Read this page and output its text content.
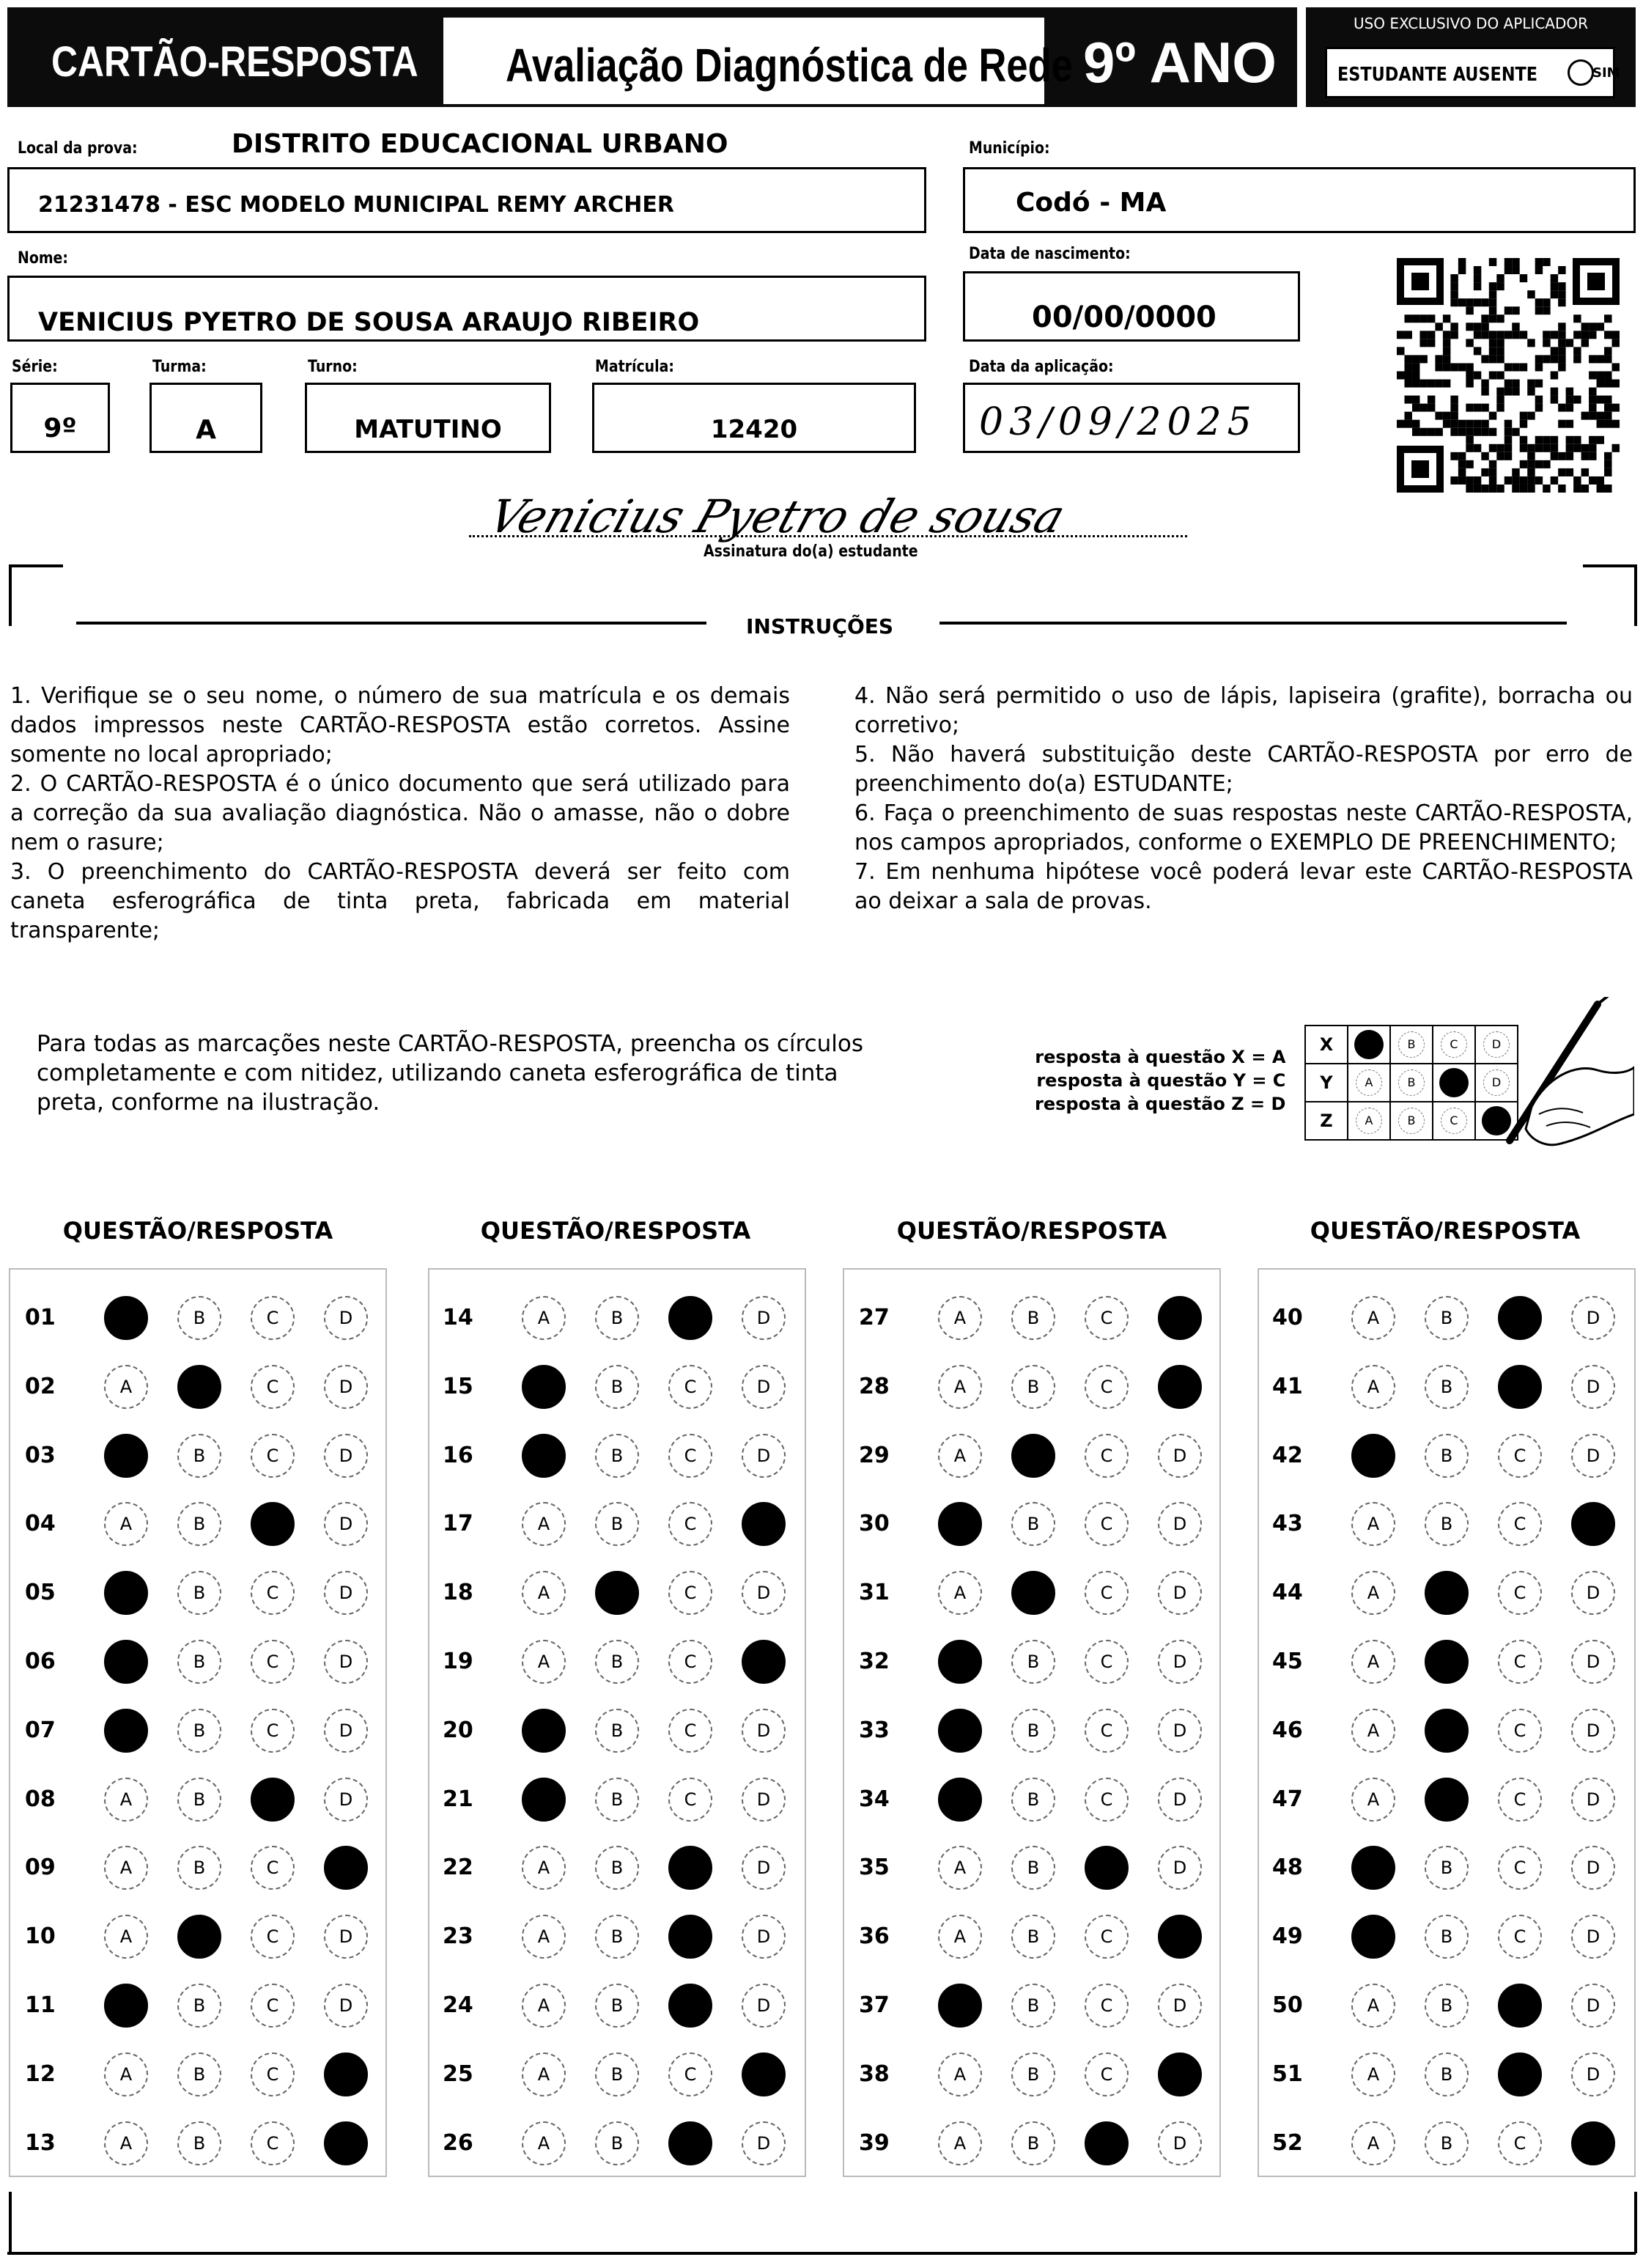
CARTÃO-RESPOSTA	Avaliação Diagnóstica de Rede 9º ANO
USO EXCLUSIVO DO APLICADOR
ESTUDANTE AUSENTE	SIM
Local da prova:	DISTRITO EDUCACIONAL URBANO
21231478 - ESC MODELO MUNICIPAL REMY ARCHER
Município:
Codó - MA
Nome:
VENICIUS PYETRO DE SOUSA ARAUJO RIBEIRO
Data de nascimento:
00/00/0000
Série:
9º
Turma:
A
Turno:
MATUTINO
Matrícula:
12420
Data da aplicação:
03/09/2025
Venicius Pyetro de sousa
Assinatura do(a) estudante
INSTRUÇÕES

1. Verifique se o seu nome, o número de sua matrícula e os demais dados impressos neste CARTÃO-RESPOSTA estão corretos. Assine somente no local apropriado;

2. O CARTÃO-RESPOSTA é o único documento que será utilizado para a correção da sua avaliação diagnóstica. Não o amasse, não o dobre nem o rasure;

3. O preenchimento do CARTÃO-RESPOSTA deverá ser feito com caneta esferográfica de tinta preta, fabricada em material transparente;

4. Não será permitido o uso de lápis, lapiseira (grafite), borracha ou corretivo;

5. Não haverá substituição deste CARTÃO-RESPOSTA por erro de preenchimento do(a) ESTUDANTE;

6. Faça o preenchimento de suas respostas neste CARTÃO-RESPOSTA, nos campos apropriados, conforme o EXEMPLO DE PREENCHIMENTO;

7. Em nenhuma hipótese você poderá levar este CARTÃO-RESPOSTA ao deixar a sala de provas.

Para todas as marcações neste CARTÃO-RESPOSTA, preencha os círculos completamente e com nitidez, utilizando caneta esferográfica de tinta preta, conforme na ilustração.
resposta à questão X = A
resposta à questão Y = C
resposta à questão Z = D
X		B	C	D
Y	A	B		D
Z	A	B	C	
QUESTÃO/RESPOSTA	QUESTÃO/RESPOSTA	QUESTÃO/RESPOSTA	QUESTÃO/RESPOSTA
01	A	B	C	D
02	A	B	C	D
03	A	B	C	D
04	A	B	C	D
05	A	B	C	D
06	A	B	C	D
07	A	B	C	D
08	A	B	C	D
09	A	B	C	D
10	A	B	C	D
11	A	B	C	D
12	A	B	C	D
13	A	B	C	D
14	A	B	C	D
15	A	B	C	D
16	A	B	C	D
17	A	B	C	D
18	A	B	C	D
19	A	B	C	D
20	A	B	C	D
21	A	B	C	D
22	A	B	C	D
23	A	B	C	D
24	A	B	C	D
25	A	B	C	D
26	A	B	C	D
27	A	B	C	D
28	A	B	C	D
29	A	B	C	D
30	A	B	C	D
31	A	B	C	D
32	A	B	C	D
33	A	B	C	D
34	A	B	C	D
35	A	B	C	D
36	A	B	C	D
37	A	B	C	D
38	A	B	C	D
39	A	B	C	D
40	A	B	C	D
41	A	B	C	D
42	A	B	C	D
43	A	B	C	D
44	A	B	C	D
45	A	B	C	D
46	A	B	C	D
47	A	B	C	D
48	A	B	C	D
49	A	B	C	D
50	A	B	C	D
51	A	B	C	D
52	A	B	C	D
